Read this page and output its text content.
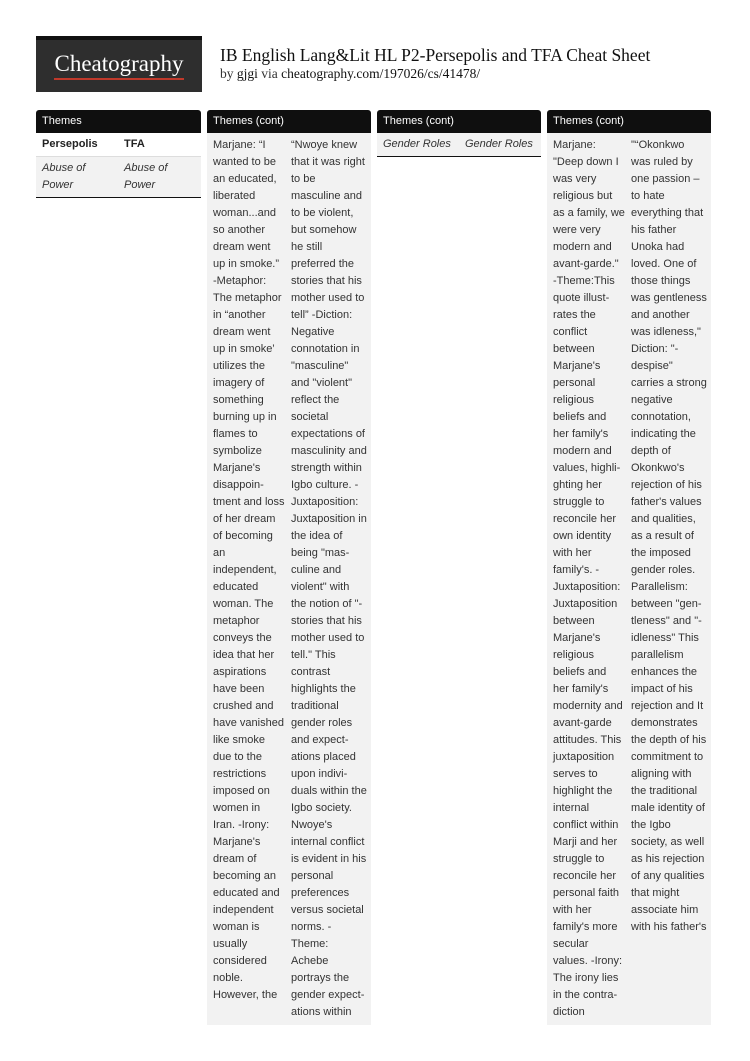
Cheatography IB English Lang&Lit HL P2-Persepolis and TFA Cheat Sheet
by gjgi via cheatography.com/197026/cs/41478/
Themes
Persepolis	TFA
Abuse of Power
Abuse of Power
Themes (cont)
Marjane: “I wanted to be an educated, liberated woman...and so another dream went up in smoke.” -Metaphor: The metaphor in “another dream went up in smoke’ utilizes the imagery of something burning up in flames to symbolize Marjane's disappointment and loss of her dream of becoming an independent, educated woman. The metaphor conveys the idea that her aspirations have been crushed and have vanished like smoke due to the restrictions imposed on women in Iran. -Irony: Marjane's dream of becoming an educated and independent woman is usually considered noble. However, the
“Nwoye knew that it was right to be masculine and to be violent, but somehow he still preferred the stories that his mother used to tell” -Diction: Negative connotation in "masculine" and "violent" reflect the societal expectations of masculinity and strength within Igbo culture. -Juxtaposition: Juxtaposition in the idea of being "masculine and violent" with the notion of "stories that his mother used to tell." This contrast highlights the traditional gender roles and expectations placed upon individuals within the Igbo society. Nwoye's internal conflict is evident in his personal preferences versus societal norms. -Theme: Achebe portrays the gender expectations within
Themes (cont)
Gender Roles	Gender Roles
Themes (cont)
Marjane: "Deep down I was very religious but as a family, we were very modern and avant-garde." -Theme:This quote illustrates the conflict between Marjane's personal religious beliefs and her family's modern and values, highlighting her struggle to reconcile her own identity with her family's. -Juxtaposition: Juxtaposition between Marjane's religious beliefs and her family's modernity and avant-garde attitudes. This juxtaposition serves to highlight the internal conflict within Marji and her struggle to reconcile her personal faith with her family's more secular values. -Irony: The irony lies in the contradiction
"“Okonkwo was ruled by one passion – to hate everything that his father Unoka had loved. One of those things was gentleness and another was idleness," Diction: "despise" carries a strong negative connotation, indicating the depth of Okonkwo's rejection of his father's values and qualities, as a result of the imposed gender roles. Parallelism: between "gentleness" and "idleness" This parallelism enhances the impact of his rejection and It demonstrates the depth of his commitment to aligning with the traditional male identity of the Igbo society, as well as his rejection of any qualities that might associate him with his father's
